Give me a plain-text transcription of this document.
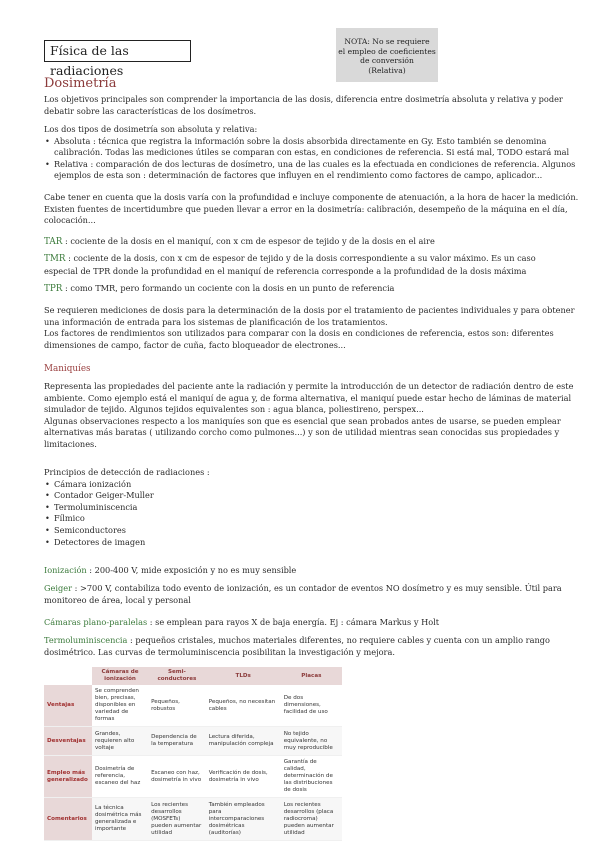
Física de las radiaciones
NOTA: No se requiere
el empleo de coeficientes
de conversión
(Relativa)
Dosimetría
Los objetivos principales son comprender la importancia de las dosis, diferencia entre dosimetría absoluta y relativa y poder
debatir sobre las características de los dosímetros.
Los dos tipos de dosimetría son absoluta y relativa:
• Absoluta : técnica que registra la información sobre la dosis absorbida directamente en Gy. Esto también se denomina
calibración. Todas las mediciones útiles se comparan con estas, en condiciones de referencia. Si está mal, TODO estará mal
• Relativa : comparación de dos lecturas de dosímetro, una de las cuales es la efectuada en condiciones de referencia. Algunos
ejemplos de esta son : determinación de factores que influyen en el rendimiento como factores de campo, aplicador...
Cabe tener en cuenta que la dosis varía con la profundidad e incluye componente de atenuación, a la hora de hacer la medición.
Existen fuentes de incertidumbre que pueden llevar a error en la dosimetría: calibración, desempeño de la máquina en el día,
colocación...
TAR : cociente de la dosis en el maniquí, con x cm de espesor de tejido y de la dosis en el aire
TMR : cociente de la dosis, con x cm de espesor de tejido y de la dosis correspondiente a su valor máximo. Es un caso
especial de TPR donde la profundidad en el maniquí de referencia corresponde a la profundidad de la dosis máxima
TPR : como TMR, pero formando un cociente con la dosis en un punto de referencia
Se requieren mediciones de dosis para la determinación de la dosis por el tratamiento de pacientes individuales y para obtener
una información de entrada para los sistemas de planificación de los tratamientos.
Los factores de rendimientos son utilizados para comparar con la dosis en condiciones de referencia, estos son: diferentes
dimensiones de campo, factor de cuña, facto bloqueador de electrones...
Maniquíes
Representa las propiedades del paciente ante la radiación y permite la introducción de un detector de radiación dentro de este
ambiente. Como ejemplo está el maniquí de agua y, de forma alternativa, el maniquí puede estar hecho de láminas de material
simulador de tejido. Algunos tejidos equivalentes son : agua blanca, poliestireno, perspex...
Algunas observaciones respecto a los maniquíes son que es esencial que sean probados antes de usarse, se pueden emplear
alternativas más baratas ( utilizando corcho como pulmones...) y son de utilidad mientras sean conocidas sus propiedades y
limitaciones.
Principios de detección de radiaciones :
• Cámara ionización
• Contador Geiger-Muller
• Termoluminiscencia
• Fílmico
• Semiconductores
• Detectores de imagen
Ionización : 200-400 V, mide exposición y no es muy sensible
Geiger : >700 V, contabiliza todo evento de ionización, es un contador de eventos NO dosímetro y es muy sensible. Útil para
monitoreo de área, local y personal
Cámaras plano-paralelas : se emplean para rayos X de baja energía. Ej : cámara Markus y Holt
Termoluminiscencia : pequeños cristales, muchos materiales diferentes, no requiere cables y cuenta con un amplio rango
dosimétrico. Las curvas de termoluminiscencia posibilitan la investigación y mejora.
	Cámaras de ionización	Semi-conductores	TLDs	Placas
Ventajas	Se comprenden bien, precisas, disponibles en variedad de formas	Pequeños, robustos	Pequeños, no necesitan cables	De dos dimensiones, facilidad de uso
Desventajas	Grandes, requieren alto voltaje	Dependencia de la temperatura	Lectura diferida, manipulación compleja	No tejido equivalente, no muy reproducible
Empleo más generalizado	Dosimetría de referencia, escaneo del haz	Escaneo con haz, dosimetría in vivo	Verificación de dosis, dosimetría in vivo	Garantía de calidad, determinación de las distribuciones de dosis
Comentarios	La técnica dosimétrica más generalizada e importante	Los recientes desarrollos (MOSFETs) pueden aumentar utilidad	También empleados para intercomparaciones dosimétricas (auditorías)	Los recientes desarrollos (placa radiocroma) pueden aumentar utilidad
